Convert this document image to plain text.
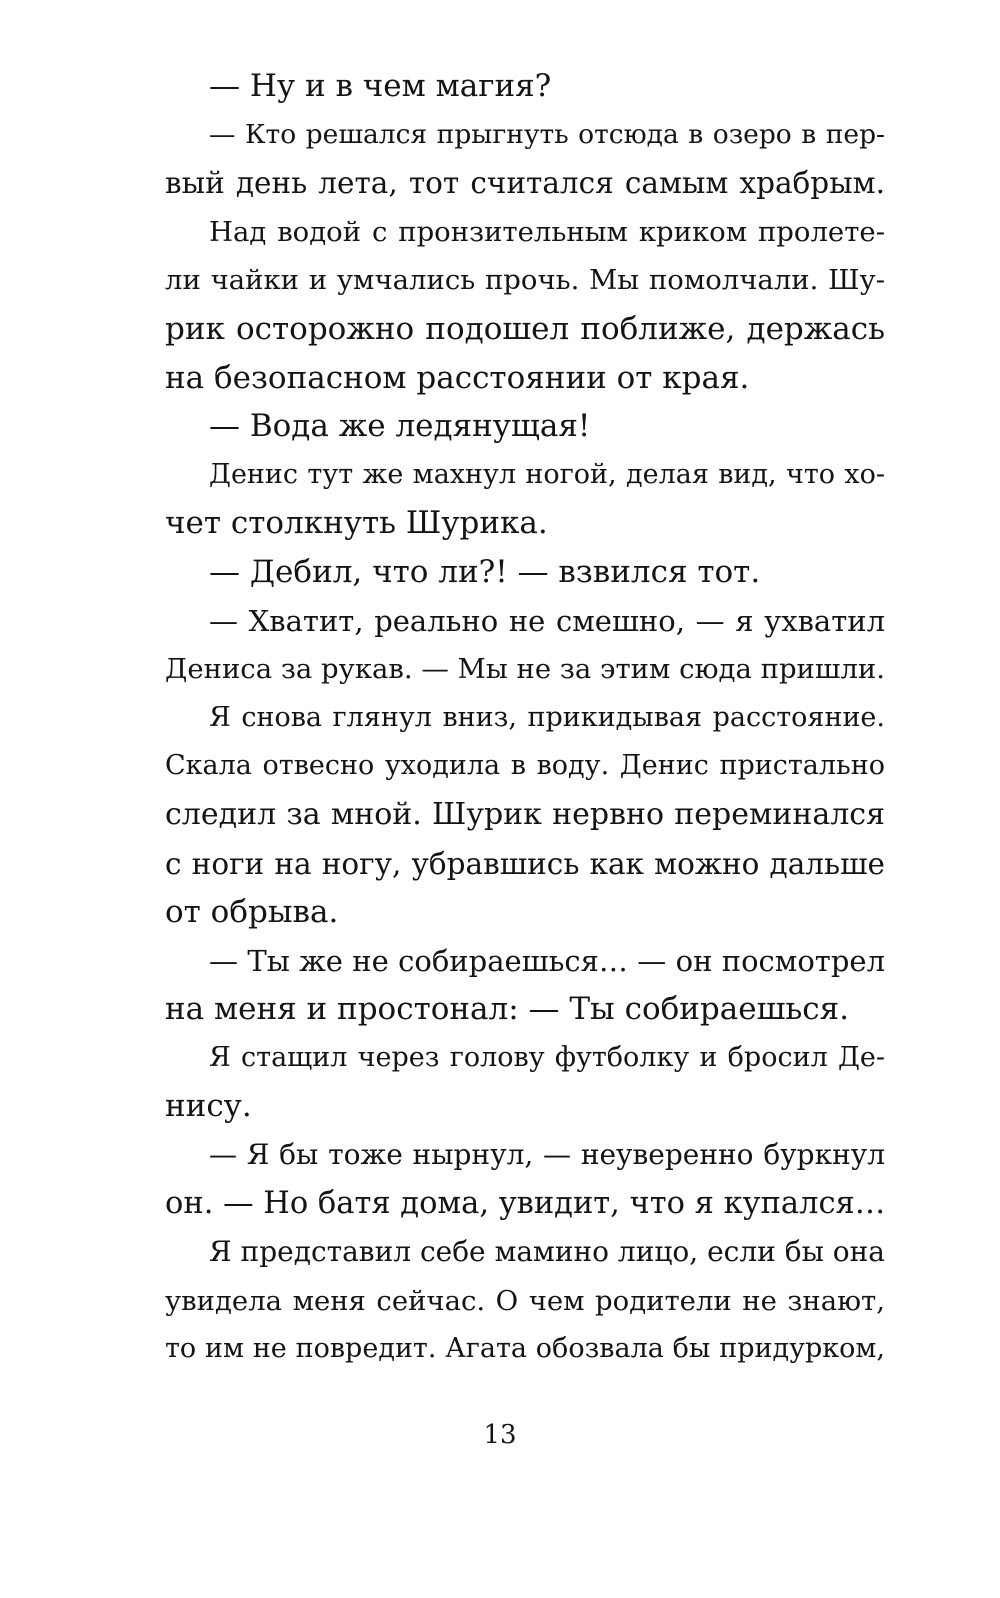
— Ну и в чем магия?
— Кто решался прыгнуть отсюда в озеро в пер-
вый день лета, тот считался самым храбрым.
Над водой с пронзительным криком пролете-
ли чайки и умчались прочь. Мы помолчали. Шу-
рик осторожно подошел поближе, держась
на безопасном расстоянии от края.
— Вода же ледянущая!
Денис тут же махнул ногой, делая вид, что хо-
чет столкнуть Шурика.
— Дебил, что ли?! — взвился тот.
— Хватит, реально не смешно, — я ухватил
Дениса за рукав. — Мы не за этим сюда пришли.
Я снова глянул вниз, прикидывая расстояние.
Скала отвесно уходила в воду. Денис пристально
следил за мной. Шурик нервно переминался
с ноги на ногу, убравшись как можно дальше
от обрыва.
— Ты же не собираешься… — он посмотрел
на меня и простонал: — Ты собираешься.
Я стащил через голову футболку и бросил Де-
нису.
— Я бы тоже нырнул, — неуверенно буркнул
он. — Но батя дома, увидит, что я купался…
Я представил себе мамино лицо, если бы она
увидела меня сейчас. О чем родители не знают,
то им не повредит. Агата обозвала бы придурком,
13
